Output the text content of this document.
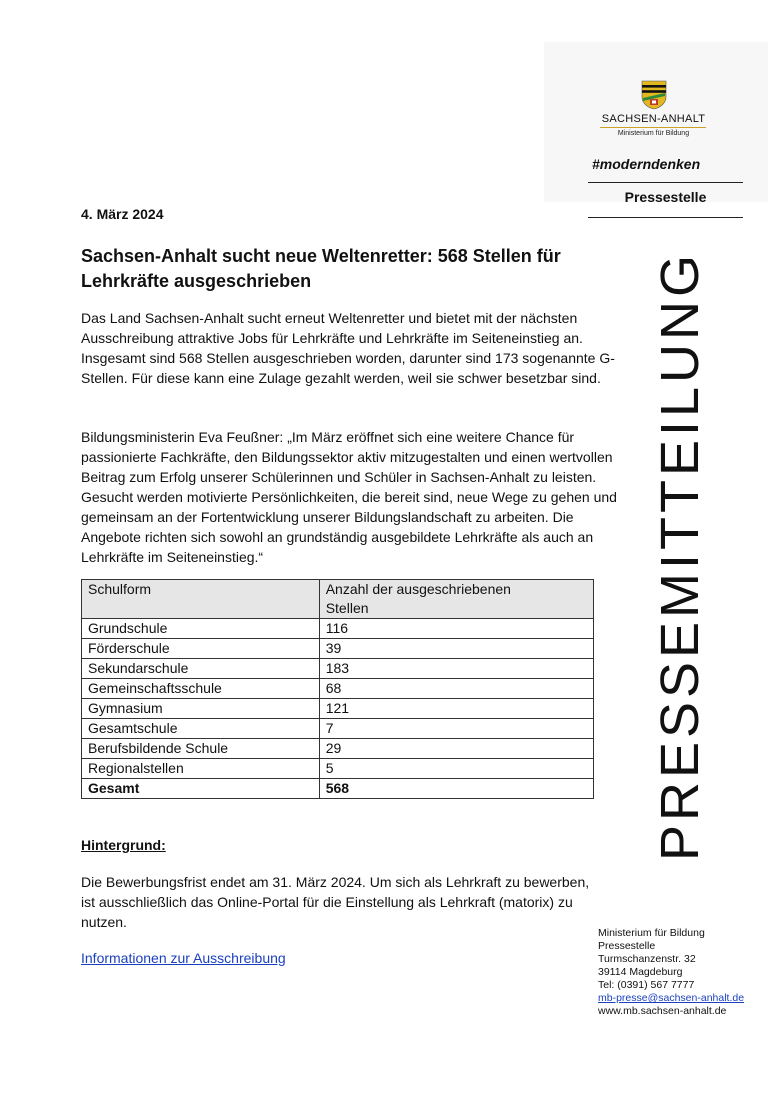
SACHSEN-ANHALT
Ministerium für Bildung
#moderndenken
Pressestelle
PRESSEMITTEILUNG
4. März 2024
Sachsen-Anhalt sucht neue Weltenretter: 568 Stellen für Lehrkräfte ausgeschrieben

Das Land Sachsen-Anhalt sucht erneut Weltenretter und bietet mit der nächsten Ausschreibung attraktive Jobs für Lehrkräfte und Lehrkräfte im Seiteneinstieg an. Insgesamt sind 568 Stellen ausgeschrieben worden, darunter sind 173 sogenannte G-Stellen. Für diese kann eine Zulage gezahlt werden, weil sie schwer besetzbar sind.

Bildungsministerin Eva Feußner: „Im März eröffnet sich eine weitere Chance für passionierte Fachkräfte, den Bildungssektor aktiv mitzugestalten und einen wertvollen Beitrag zum Erfolg unserer Schülerinnen und Schüler in Sachsen-Anhalt zu leisten. Gesucht werden motivierte Persönlichkeiten, die bereit sind, neue Wege zu gehen und gemeinsam an der Fortentwicklung unserer Bildungslandschaft zu arbeiten. Die Angebote richten sich sowohl an grundständig ausgebildete Lehrkräfte als auch an Lehrkräfte im Seiteneinstieg.“

Schulform	Anzahl der ausgeschriebenen Stellen
Grundschule	116
Förderschule	39
Sekundarschule	183
Gemeinschaftsschule	68
Gymnasium	121
Gesamtschule	7
Berufsbildende Schule	29
Regionalstellen	5
Gesamt	568
Hintergrund:

Die Bewerbungsfrist endet am 31. März 2024. Um sich als Lehrkraft zu bewerben, ist ausschließlich das Online-Portal für die Einstellung als Lehrkraft (matorix) zu nutzen.

Informationen zur Ausschreibung
Ministerium für Bildung
Pressestelle
Turmschanzenstr. 32
39114 Magdeburg
Tel: (0391) 567 7777
mb-presse@sachsen-anhalt.de
www.mb.sachsen-anhalt.de
